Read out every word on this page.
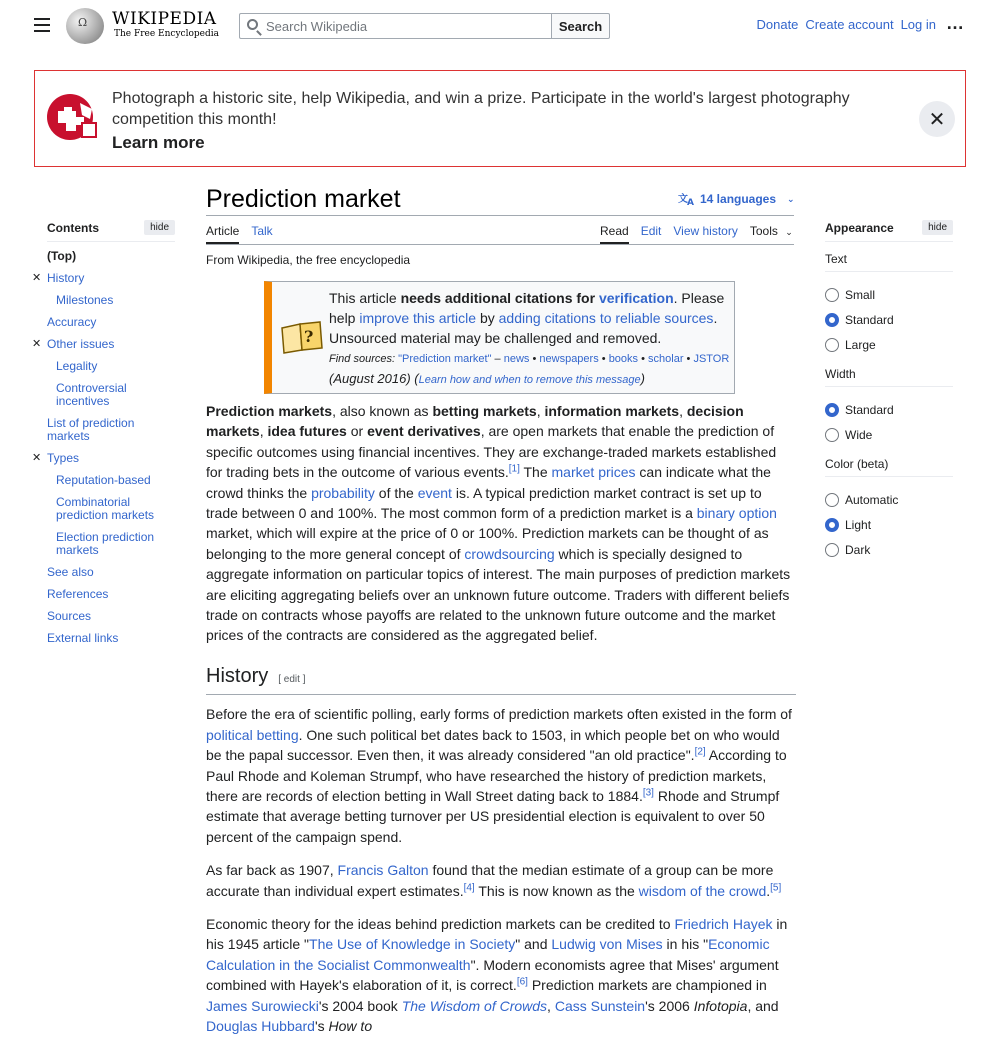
Ω WIKIPEDIA
The Free Encyclopedia
Search Wikipedia
Search	Donate Create account Log in …
Photograph a historic site, help Wikipedia, and win a prize. Participate in the world's largest photography competition this month!
Learn more
✕
Contents	hide
(Top)
✕ History
Milestones
Accuracy
✕ Other issues
Legality
Controversial incentives
List of prediction markets
✕ Types
Reputation-based
Combinatorial prediction markets
Election prediction markets
See also
References
Sources
External links
Prediction market	文 A 14 languages ⌄
Article Talk	Read Edit View history Tools ⌄
From Wikipedia, the free encyclopedia
?
This article needs additional citations for verification. Please help improve this article by adding citations to reliable sources. Unsourced material may be challenged and removed.
Find sources: "Prediction market" – news • newspapers • books • scholar • JSTOR (August 2016) (Learn how and when to remove this message)

Prediction markets, also known as betting markets, information markets, decision markets, idea futures or event derivatives, are open markets that enable the prediction of specific outcomes using financial incentives. They are exchange-traded markets established for trading bets in the outcome of various events.[1] The market prices can indicate what the crowd thinks the probability of the event is. A typical prediction market contract is set up to trade between 0 and 100%. The most common form of a prediction market is a binary option market, which will expire at the price of 0 or 100%. Prediction markets can be thought of as belonging to the more general concept of crowdsourcing which is specially designed to aggregate information on particular topics of interest. The main purposes of prediction markets are eliciting aggregating beliefs over an unknown future outcome. Traders with different beliefs trade on contracts whose payoffs are related to the unknown future outcome and the market prices of the contracts are considered as the aggregated belief.

History [ edit ]

Before the era of scientific polling, early forms of prediction markets often existed in the form of political betting. One such political bet dates back to 1503, in which people bet on who would be the papal successor. Even then, it was already considered "an old practice".[2] According to Paul Rhode and Koleman Strumpf, who have researched the history of prediction markets, there are records of election betting in Wall Street dating back to 1884.[3] Rhode and Strumpf estimate that average betting turnover per US presidential election is equivalent to over 50 percent of the campaign spend.

As far back as 1907, Francis Galton found that the median estimate of a group can be more accurate than individual expert estimates.[4] This is now known as the wisdom of the crowd.[5]

Economic theory for the ideas behind prediction markets can be credited to Friedrich Hayek in his 1945 article "The Use of Knowledge in Society" and Ludwig von Mises in his "Economic Calculation in the Socialist Commonwealth". Modern economists agree that Mises' argument combined with Hayek's elaboration of it, is correct.[6] Prediction markets are championed in James Surowiecki's 2004 book The Wisdom of Crowds, Cass Sunstein's 2006 Infotopia, and Douglas Hubbard's How to

Appearance	hide
Text
Small
Standard
Large
Width
Standard
Wide
Color (beta)
Automatic
Light
Dark
